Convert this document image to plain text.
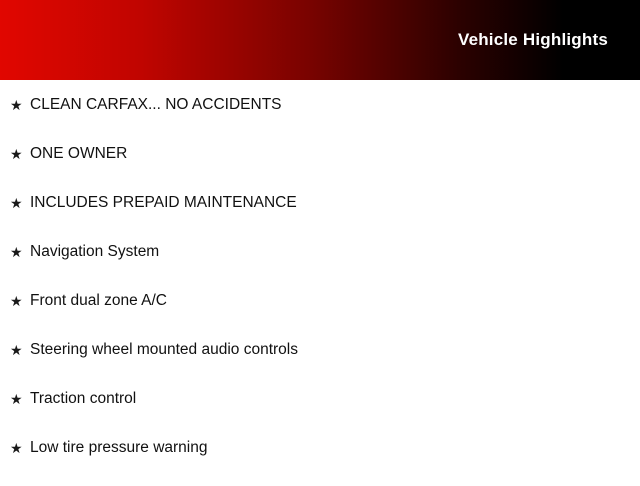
Vehicle Highlights
★ CLEAN CARFAX... NO ACCIDENTS
★ ONE OWNER
★ INCLUDES PREPAID MAINTENANCE
★ Navigation System
★ Front dual zone A/C
★ Steering wheel mounted audio controls
★ Traction control
★ Low tire pressure warning
